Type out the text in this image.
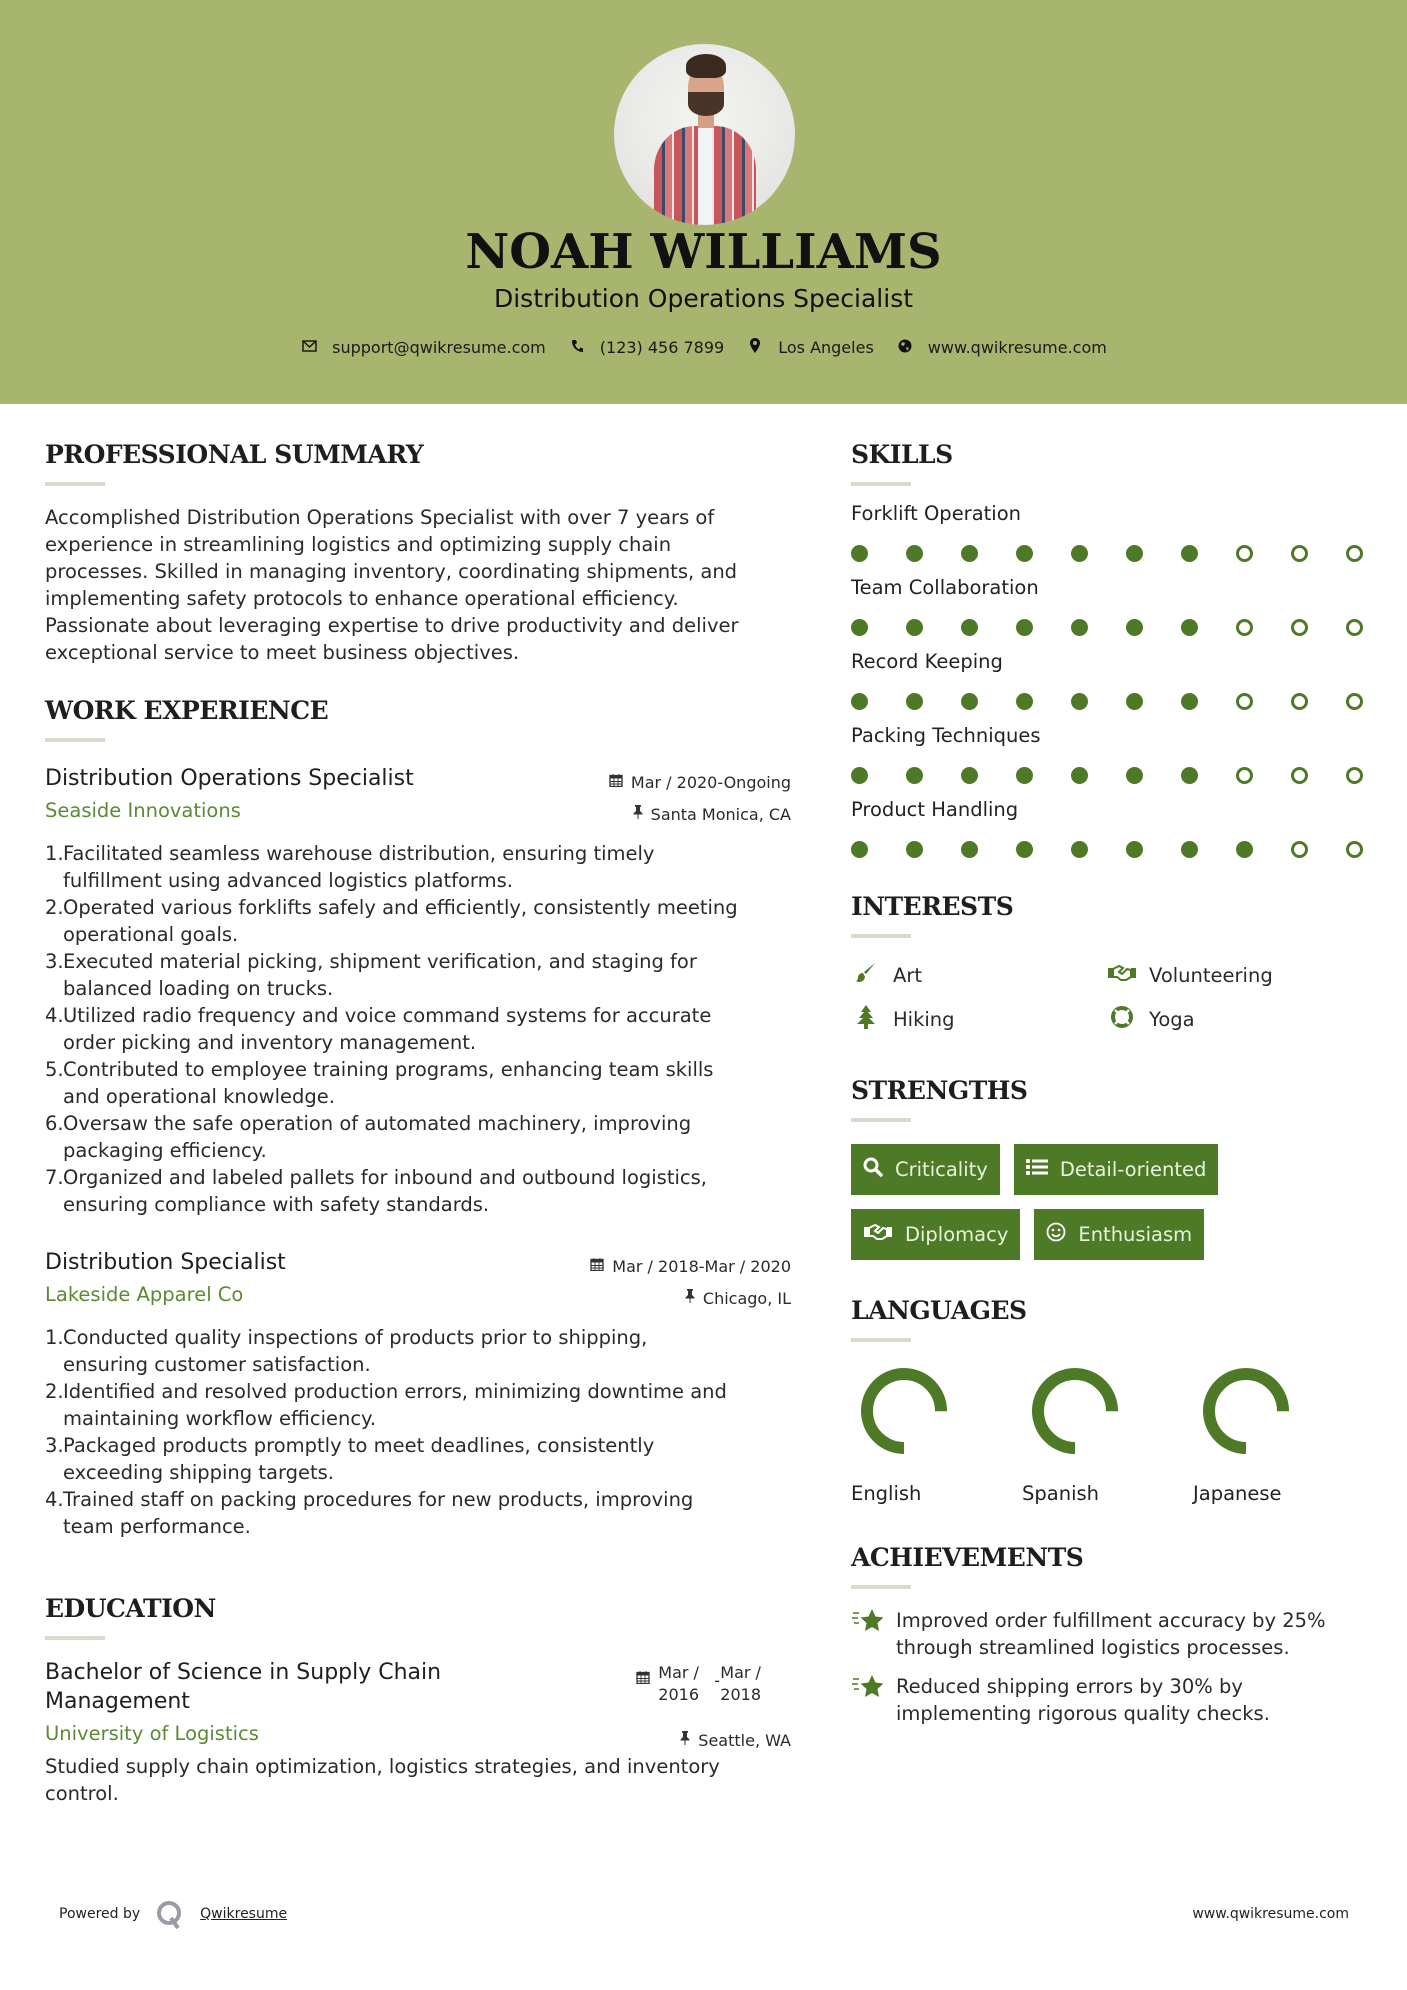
NOAH WILLIAMS
Distribution Operations Specialist
support@qwikresume.com	(123) 456 7899	Los Angeles	www.qwikresume.com
PROFESSIONAL SUMMARY
Accomplished Distribution Operations Specialist with over 7 years of
experience in streamlining logistics and optimizing supply chain
processes. Skilled in managing inventory, coordinating shipments, and
implementing safety protocols to enhance operational efficiency.
Passionate about leveraging expertise to drive productivity and deliver
exceptional service to meet business objectives.
WORK EXPERIENCE
Distribution Operations Specialist
Seaside Innovations
Mar / 2020-Ongoing
Santa Monica, CA
1. Facilitated seamless warehouse distribution, ensuring timely
fulfillment using advanced logistics platforms.
2. Operated various forklifts safely and efficiently, consistently meeting
operational goals.
3. Executed material picking, shipment verification, and staging for
balanced loading on trucks.
4. Utilized radio frequency and voice command systems for accurate
order picking and inventory management.
5. Contributed to employee training programs, enhancing team skills
and operational knowledge.
6. Oversaw the safe operation of automated machinery, improving
packaging efficiency.
7. Organized and labeled pallets for inbound and outbound logistics,
ensuring compliance with safety standards.
Distribution Specialist
Lakeside Apparel Co
Mar / 2018-Mar / 2020
Chicago, IL
1. Conducted quality inspections of products prior to shipping,
ensuring customer satisfaction.
2. Identified and resolved production errors, minimizing downtime and
maintaining workflow efficiency.
3. Packaged products promptly to meet deadlines, consistently
exceeding shipping targets.
4. Trained staff on packing procedures for new products, improving
team performance.
EDUCATION
Bachelor of Science in Supply Chain
Management
University of Logistics
Mar /
2016
- Mar /
2018
Seattle, WA
Studied supply chain optimization, logistics strategies, and inventory
control.
SKILLS
Forklift Operation
Team Collaboration
Record Keeping
Packing Techniques
Product Handling
INTERESTS
Art	Volunteering
Hiking	Yoga
STRENGTHS
Criticality	Detail-oriented
Diplomacy	Enthusiasm
LANGUAGES
English	Spanish	Japanese
ACHIEVEMENTS
Improved order fulfillment accuracy by 25%
through streamlined logistics processes.
Reduced shipping errors by 30% by
implementing rigorous quality checks.
Powered by	Qwikresume	www.qwikresume.com
